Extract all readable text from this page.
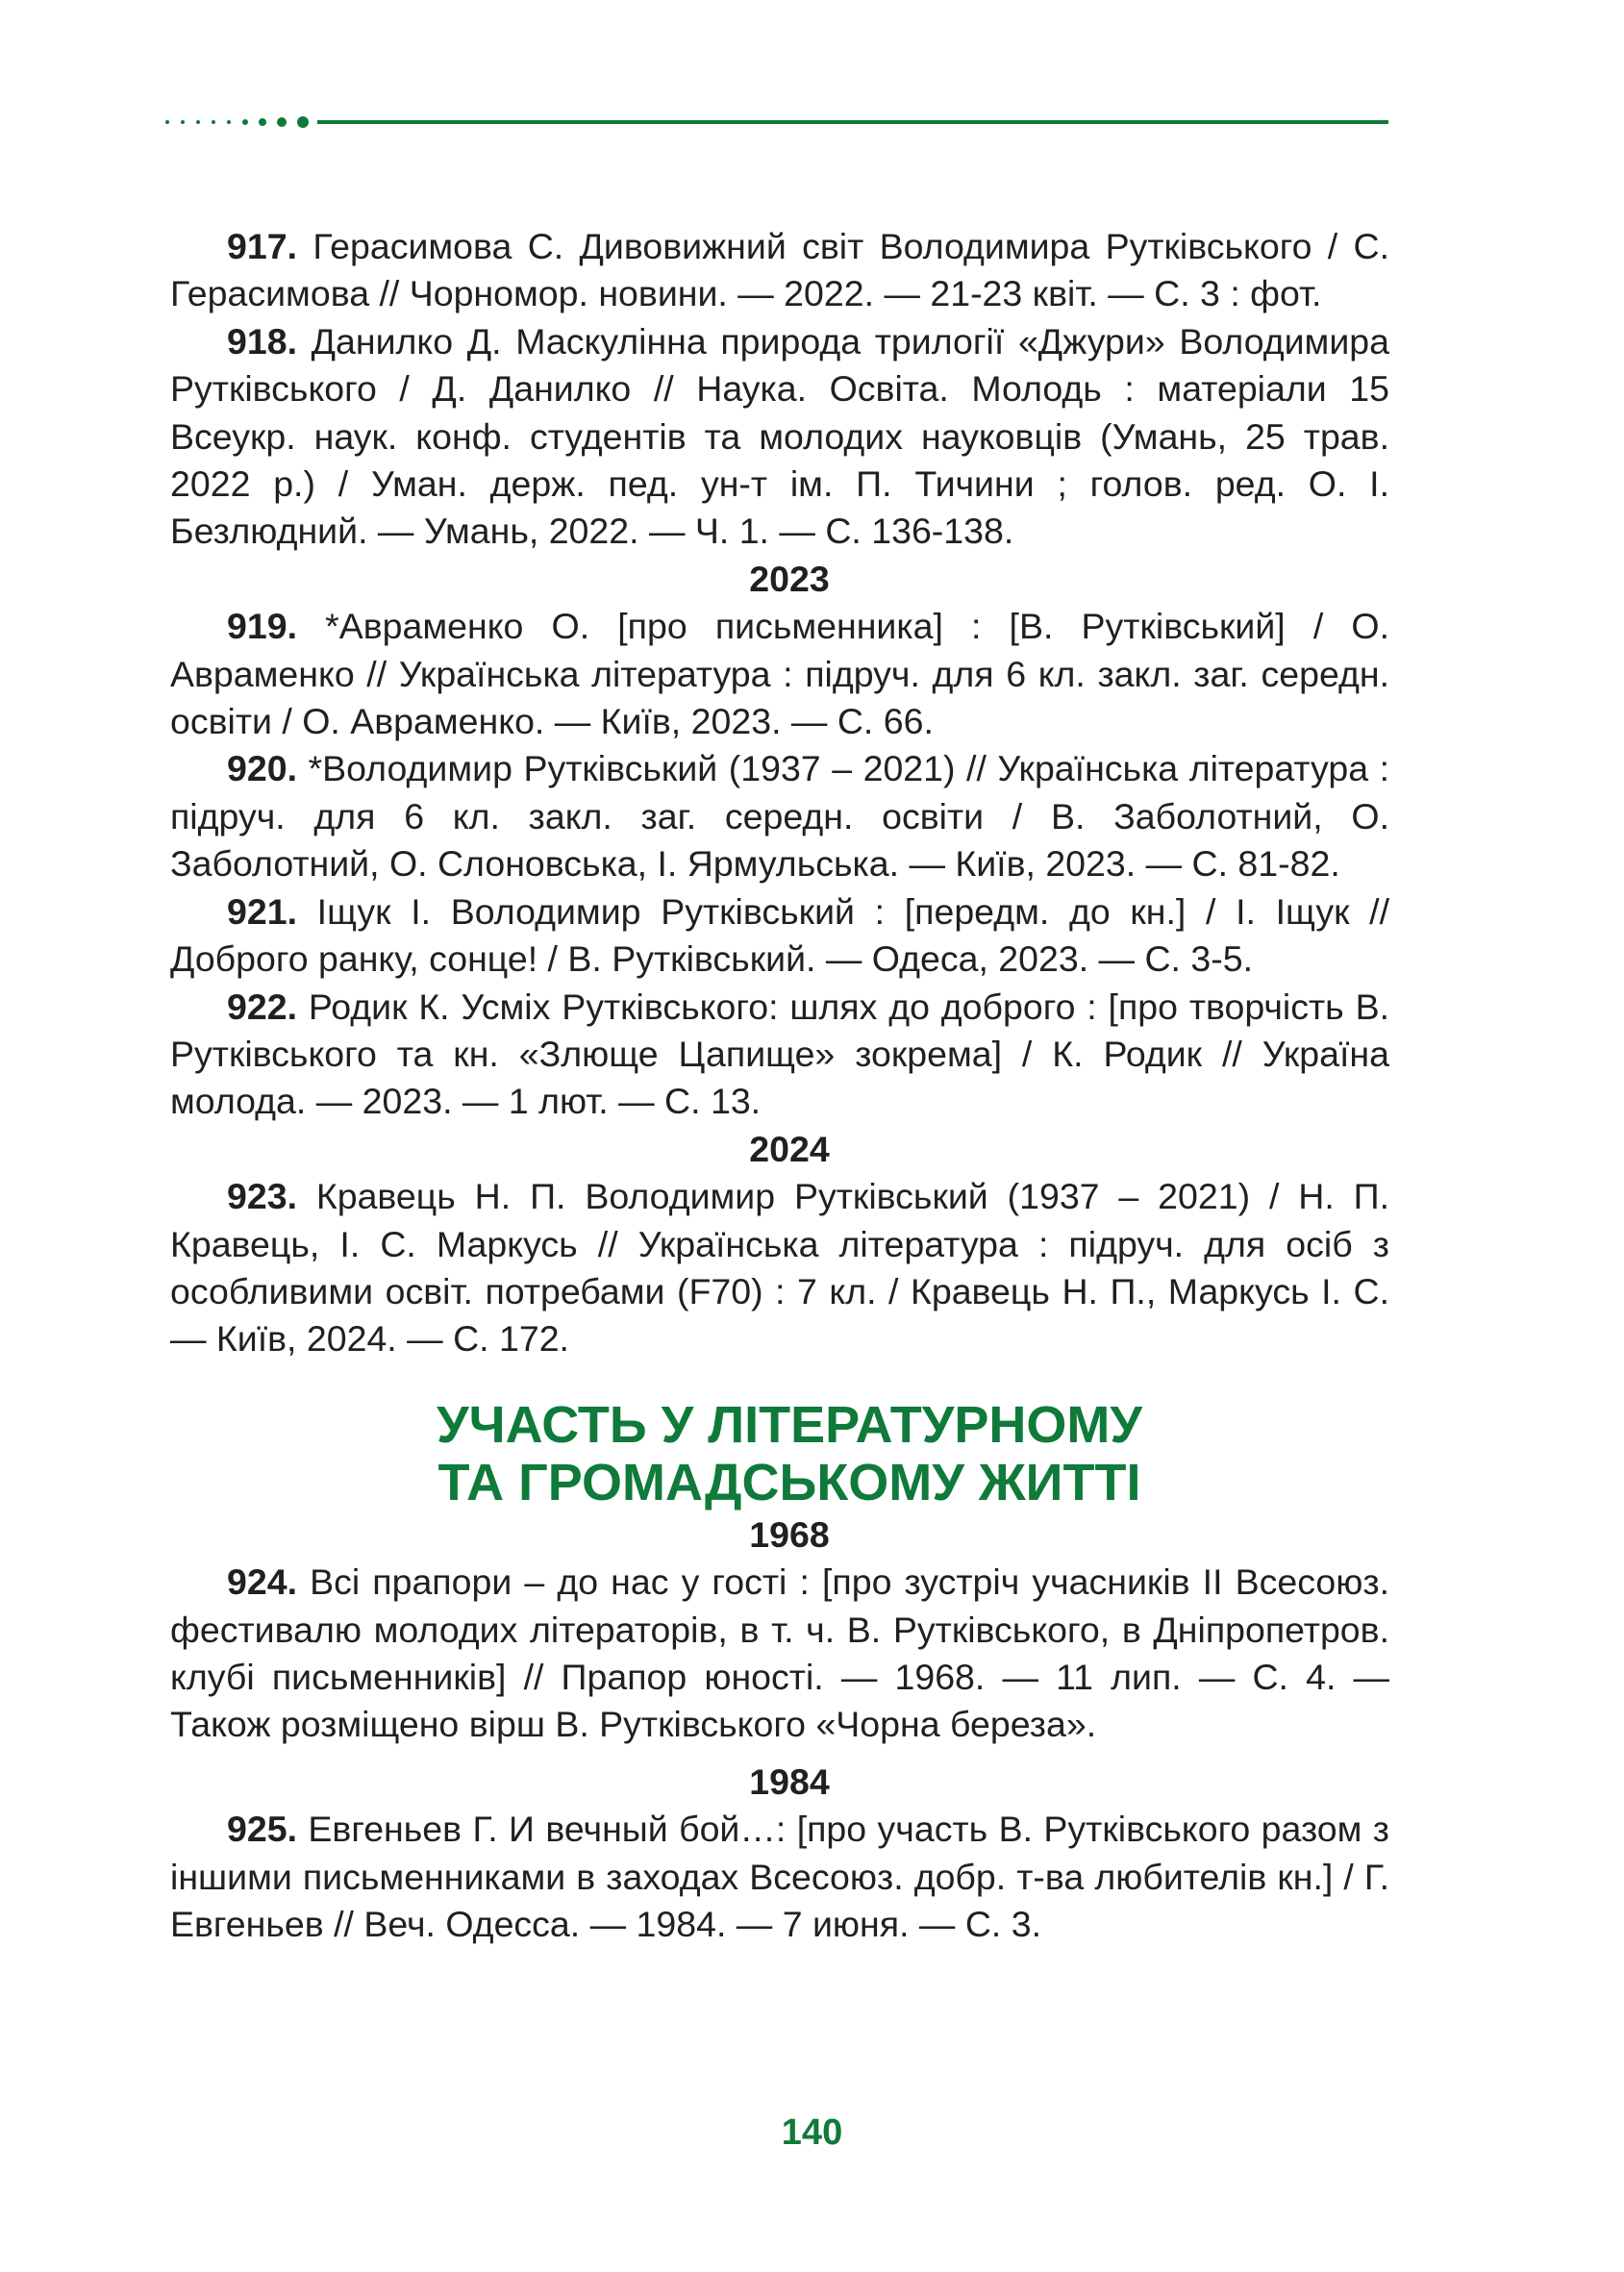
917. Герасимова С. Дивовижний світ Володимира Рутківського / С. Герасимова // Чорномор. новини. — 2022. — 21-23 квіт. — С. 3 : фот.

918. Данилко Д. Маскулінна природа трилогії «Джури» Володимира Рутківського / Д. Данилко // Наука. Освіта. Молодь : матеріали 15 Всеукр. наук. конф. студентів та молодих науковців (Умань, 25 трав. 2022 р.) / Уман. держ. пед. ун-т ім. П. Тичини ; голов. ред. О. І. Безлюдний. — Умань, 2022. — Ч. 1. — С. 136-138.

2023

919. *Авраменко О. [про письменника] : [В. Рутківський] / О. Авраменко // Українська література : підруч. для 6 кл. закл. заг. середн. освіти / О. Авраменко. — Київ, 2023. — С. 66.

920. *Володимир Рутківський (1937 – 2021) // Українська література : підруч. для 6 кл. закл. заг. середн. освіти / В. Заболотний, О. Заболотний, О. Слоновська, І. Ярмульська. — Київ, 2023. — С. 81-82.

921. Іщук І. Володимир Рутківський : [передм. до кн.] / І. Іщук // Доброго ранку, сонце! / В. Рутківський. — Одеса, 2023. — С. 3-5.

922. Родик К. Усміх Рутківського: шлях до доброго : [про творчість В. Рутківського та кн. «Злюще Цапище» зокрема] / К. Родик // Україна молода. — 2023. — 1 лют. — С. 13.

2024

923. Кравець Н. П. Володимир Рутківський (1937 – 2021) / Н. П. Кравець, І. С. Маркусь // Українська література : підруч. для осіб з особливими освіт. потребами (F70) : 7 кл. / Кравець Н. П., Маркусь І. С. — Київ, 2024. — С. 172.

УЧАСТЬ У ЛІТЕРАТУРНОМУ
ТА ГРОМАДСЬКОМУ ЖИТТІ

1968

924. Всі прапори – до нас у гості : [про зустріч учасників ІІ Всесоюз. фестивалю молодих літераторів, в т. ч. В. Рутківського, в Дніпропетров. клубі письменників] // Прапор юності. — 1968. — 11 лип. — С. 4. — Також розміщено вірш В. Рутківського «Чорна береза».

1984

925. Евгеньев Г. И вечный бой…: [про участь В. Рутківського разом з іншими письменниками в заходах Всесоюз. добр. т-ва любителів кн.] / Г. Евгеньев // Веч. Одесса. — 1984. — 7 июня. — С. 3.

140
